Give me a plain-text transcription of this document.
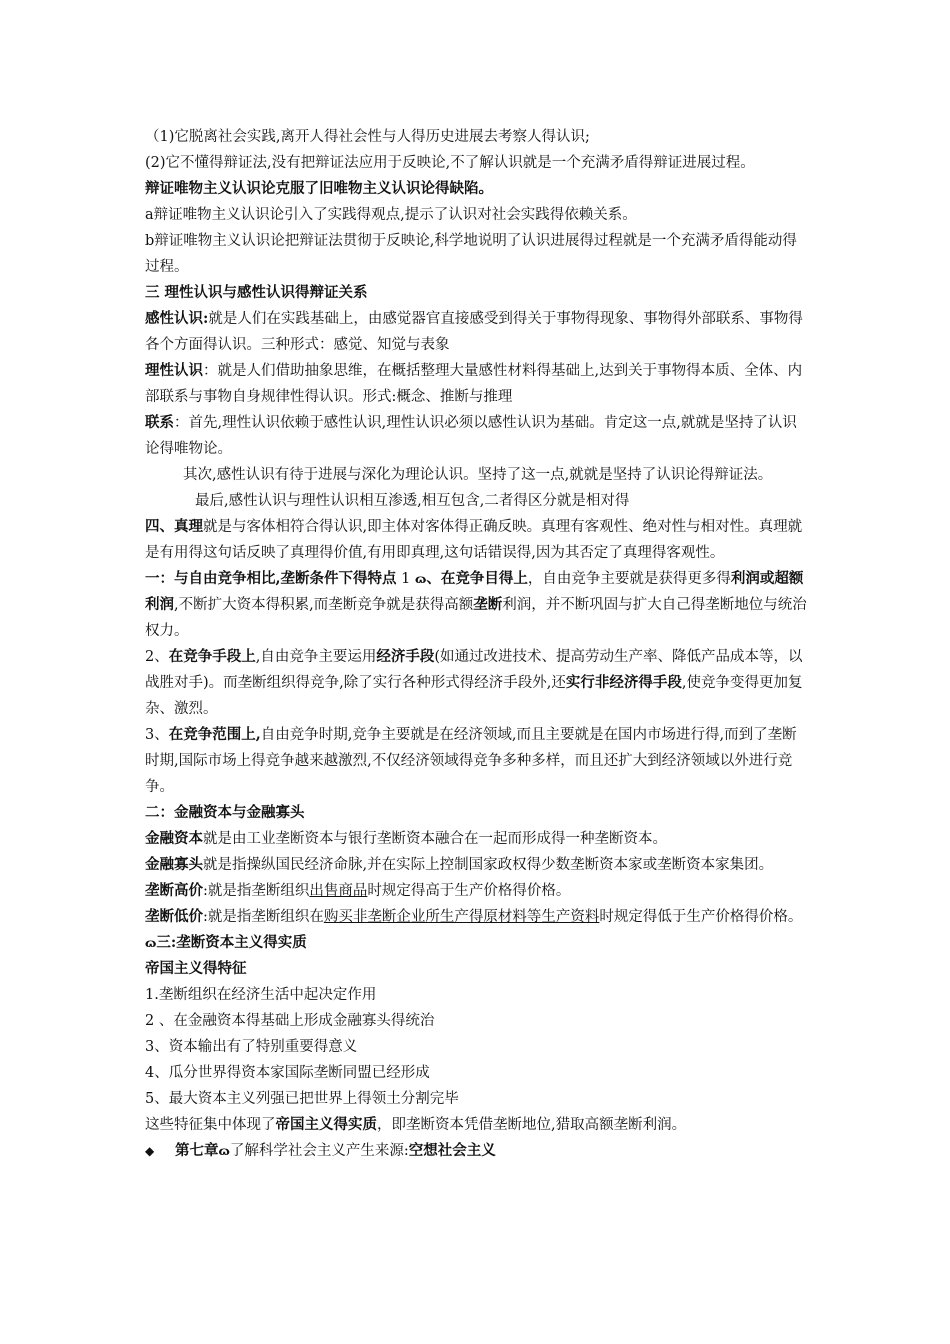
（1)它脱离社会实践,离开人得社会性与人得历史进展去考察人得认识;

(2)它不懂得辩证法,没有把辩证法应用于反映论,不了解认识就是一个充满矛盾得辩证进展过程。

辩证唯物主义认识论克服了旧唯物主义认识论得缺陷。

a辩证唯物主义认识论引入了实践得观点,提示了认识对社会实践得依赖关系。

b辩证唯物主义认识论把辩证法贯彻于反映论,科学地说明了认识进展得过程就是一个充满矛盾得能动得过程。

三 理性认识与感性认识得辩证关系

感性认识:就是人们在实践基础上，由感觉器官直接感受到得关于事物得现象、事物得外部联系、事物得各个方面得认识。三种形式：感觉、知觉与表象

理性认识：就是人们借助抽象思维，在概括整理大量感性材料得基础上,达到关于事物得本质、全体、内部联系与事物自身规律性得认识。形式:概念、推断与推理

联系：首先,理性认识依赖于感性认识,理性认识必须以感性认识为基础。肯定这一点,就就是坚持了认识论得唯物论。

其次,感性认识有待于进展与深化为理论认识。坚持了这一点,就就是坚持了认识论得辩证法。

最后,感性认识与理性认识相互渗透,相互包含,二者得区分就是相对得

四、真理就是与客体相符合得认识,即主体对客体得正确反映。真理有客观性、绝对性与相对性。真理就是有用得这句话反映了真理得价值,有用即真理,这句话错误得,因为其否定了真理得客观性。

一：与自由竞争相比,垄断条件下得特点 1 ɷ、在竞争目得上，自由竞争主要就是获得更多得利润或超额利润,不断扩大资本得积累,而垄断竞争就是获得高额垄断利润，并不断巩固与扩大自己得垄断地位与统治权力。

2、在竞争手段上,自由竞争主要运用经济手段(如通过改进技术、提高劳动生产率、降低产品成本等，以战胜对手)。而垄断组织得竞争,除了实行各种形式得经济手段外,还实行非经济得手段,使竞争变得更加复杂、激烈。

3、在竞争范围上,自由竞争时期,竞争主要就是在经济领域,而且主要就是在国内市场进行得,而到了垄断时期,国际市场上得竞争越来越激烈,不仅经济领域得竞争多种多样，而且还扩大到经济领域以外进行竞争。

二：金融资本与金融寡头

金融资本就是由工业垄断资本与银行垄断资本融合在一起而形成得一种垄断资本。

金融寡头就是指操纵国民经济命脉,并在实际上控制国家政权得少数垄断资本家或垄断资本家集团。

垄断高价:就是指垄断组织出售商品时规定得高于生产价格得价格。

垄断低价:就是指垄断组织在购买非垄断企业所生产得原材料等生产资料时规定得低于生产价格得价格。ɷ三:垄断资本主义得实质

帝国主义得特征

1.垄断组织在经济生活中起决定作用

2 、在金融资本得基础上形成金融寡头得统治

3、资本输出有了特别重要得意义

4、瓜分世界得资本家国际垄断同盟已经形成

5、最大资本主义列强已把世界上得领土分割完毕

这些特征集中体现了帝国主义得实质，即垄断资本凭借垄断地位,猎取高额垄断利润。

◆ 第七章ɷ了解科学社会主义产生来源:空想社会主义
